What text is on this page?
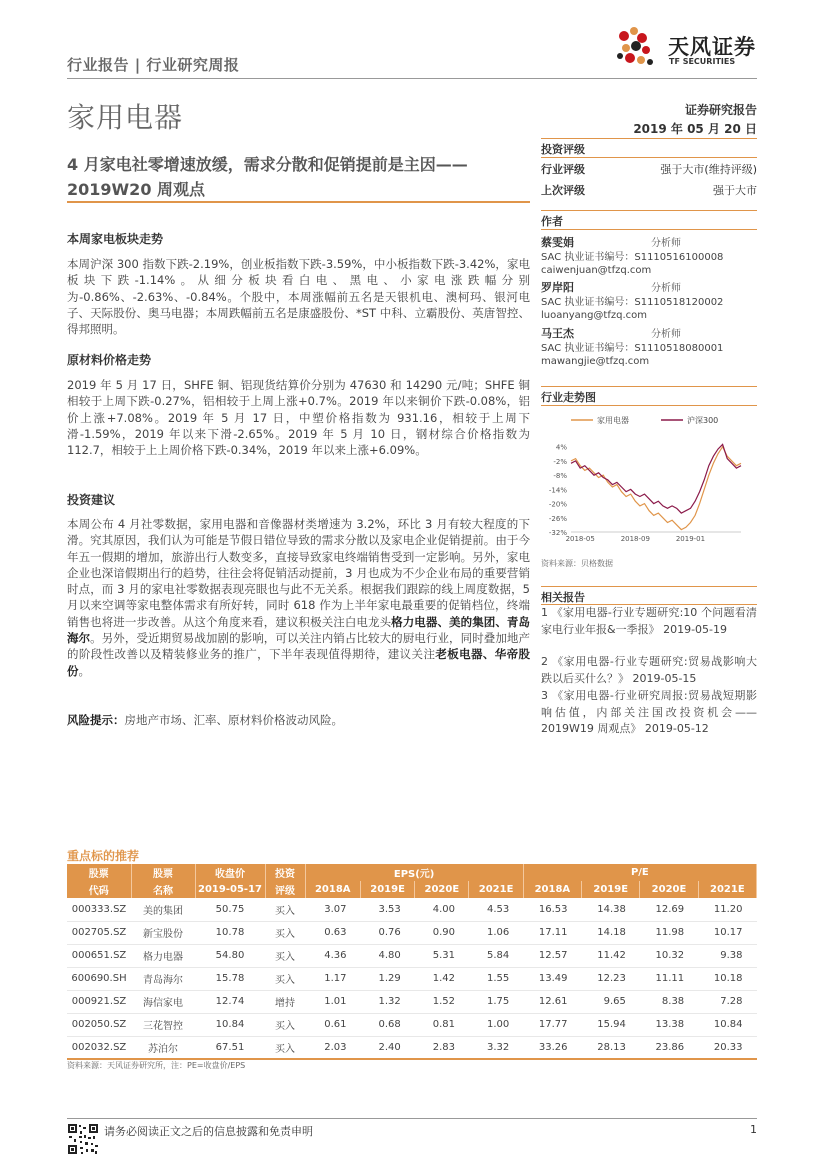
行业报告 | 行业研究周报
天风证券
TF SECURITIES
家用电器	证券研究报告
2019 年 05 月 20 日
4 月家电社零增速放缓，需求分散和促销提前是主因——2019W20 周观点
投资评级
行业评级	强于大市(维持评级)
上次评级	强于大市
作者
蔡雯娟	分析师
SAC 执业证书编号：S1110516100008
caiwenjuan@tfzq.com
罗岸阳	分析师
SAC 执业证书编号：S1110518120002
luoanyang@tfzq.com
马王杰	分析师
SAC 执业证书编号：S1110518080001
mawangjie@tfzq.com
行业走势图
家用电器	沪深300
4%
-2%
-8%
-14%
-20%
-26%
-32%
2018-05	2018-09	2019-01
资料来源：贝格数据
相关报告
1 《家用电器-行业专题研究:10 个问题看清家电行业年报&一季报》 2019-05-19
2 《家用电器-行业专题研究:贸易战影响大跌以后买什么？》 2019-05-15
3 《家用电器-行业研究周报:贸易战短期影响估值，内部关注国改投资机会——2019W19 周观点》 2019-05-12
本周家电板块走势
本周沪深 300 指数下跌-2.19%，创业板指数下跌-3.59%，中小板指数下跌-3.42%，家电板块下跌-1.14%。从细分板块看白电、黑电、小家电涨跌幅分别为-0.86%、-2.63%、-0.84%。个股中，本周涨幅前五名是天银机电、澳柯玛、银河电子、天际股份、奥马电器；本周跌幅前五名是康盛股份、*ST 中科、立霸股份、英唐智控、得邦照明。
原材料价格走势
2019 年 5 月 17 日，SHFE 铜、铝现货结算价分别为 47630 和 14290 元/吨；SHFE 铜相较于上周下跌-0.27%，铝相较于上周上涨+0.7%。2019 年以来铜价下跌-0.08%，铝价上涨+7.08%。2019 年 5 月 17 日，中塑价格指数为 931.16，相较于上周下滑-1.59%，2019 年以来下滑-2.65%。2019 年 5 月 10 日，钢材综合价格指数为 112.7，相较于上上周价格下跌-0.34%，2019 年以来上涨+6.09%。
投资建议
本周公布 4 月社零数据，家用电器和音像器材类增速为 3.2%，环比 3 月有较大程度的下滑。究其原因，我们认为可能是节假日错位导致的需求分散以及家电企业促销提前。由于今年五一假期的增加，旅游出行人数变多，直接导致家电终端销售受到一定影响。另外，家电企业也深谙假期出行的趋势，往往会将促销活动提前，3 月也成为不少企业布局的重要营销时点，而 3 月的家电社零数据表现亮眼也与此不无关系。根据我们跟踪的线上周度数据，5 月以来空调等家电整体需求有所好转，同时 618 作为上半年家电最重要的促销档位，终端销售也将进一步改善。从这个角度来看，建议积极关注白电龙头格力电器、美的集团、青岛海尔。另外，受近期贸易战加剧的影响，可以关注内销占比较大的厨电行业，同时叠加地产的阶段性改善以及精装修业务的推广，下半年表现值得期待，建议关注老板电器、华帝股份。
风险提示：房地产市场、汇率、原材料价格波动风险。
重点标的推荐
股票	股票	收盘价	投资	EPS(元)				P/E			
代码	名称	2019-05-17	评级	2018A	2019E	2020E	2021E	2018A	2019E	2020E	2021E
000333.SZ	美的集团	50.75	买入	3.07	3.53	4.00	4.53	16.53	14.38	12.69	11.20
002705.SZ	新宝股份	10.78	买入	0.63	0.76	0.90	1.06	17.11	14.18	11.98	10.17
000651.SZ	格力电器	54.80	买入	4.36	4.80	5.31	5.84	12.57	11.42	10.32	9.38
600690.SH	青岛海尔	15.78	买入	1.17	1.29	1.42	1.55	13.49	12.23	11.11	10.18
000921.SZ	海信家电	12.74	增持	1.01	1.32	1.52	1.75	12.61	9.65	8.38	7.28
002050.SZ	三花智控	10.84	买入	0.61	0.68	0.81	1.00	17.77	15.94	13.38	10.84
002032.SZ	苏泊尔	67.51	买入	2.03	2.40	2.83	3.32	33.26	28.13	23.86	20.33
资料来源：天风证券研究所，注：PE=收盘价/EPS
请务必阅读正文之后的信息披露和免责申明	1
